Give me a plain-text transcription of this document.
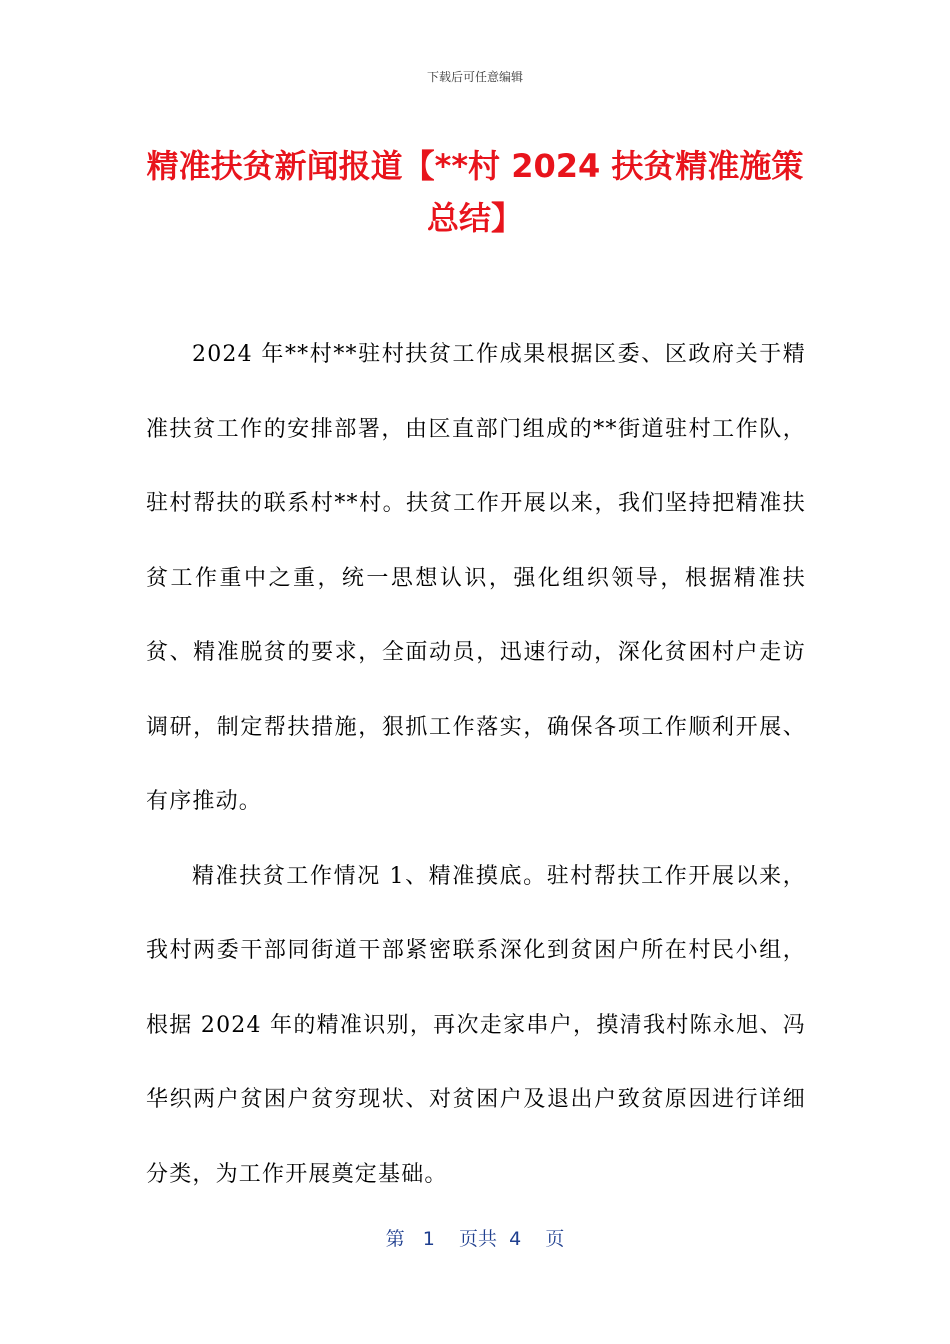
下载后可任意编辑
精准扶贫新闻报道【**村 2024 扶贫精准施策总结】

2024 年**村**驻村扶贫工作成果根据区委、区政府关于精准扶贫工作的安排部署，由区直部门组成的**街道驻村工作队，驻村帮扶的联系村**村。扶贫工作开展以来，我们坚持把精准扶贫工作重中之重，统一思想认识，强化组织领导，根据精准扶贫、精准脱贫的要求，全面动员，迅速行动，深化贫困村户走访调研，制定帮扶措施，狠抓工作落实，确保各项工作顺利开展、有序推动。

精准扶贫工作情况 1、精准摸底。驻村帮扶工作开展以来，我村两委干部同街道干部紧密联系深化到贫困户所在村民小组，根据 2024 年的精准识别，再次走家串户，摸清我村陈永旭、冯华织两户贫困户贫穷现状、对贫困户及退出户致贫原因进行详细分类，为工作开展奠定基础。

第 1 页共 4 页
